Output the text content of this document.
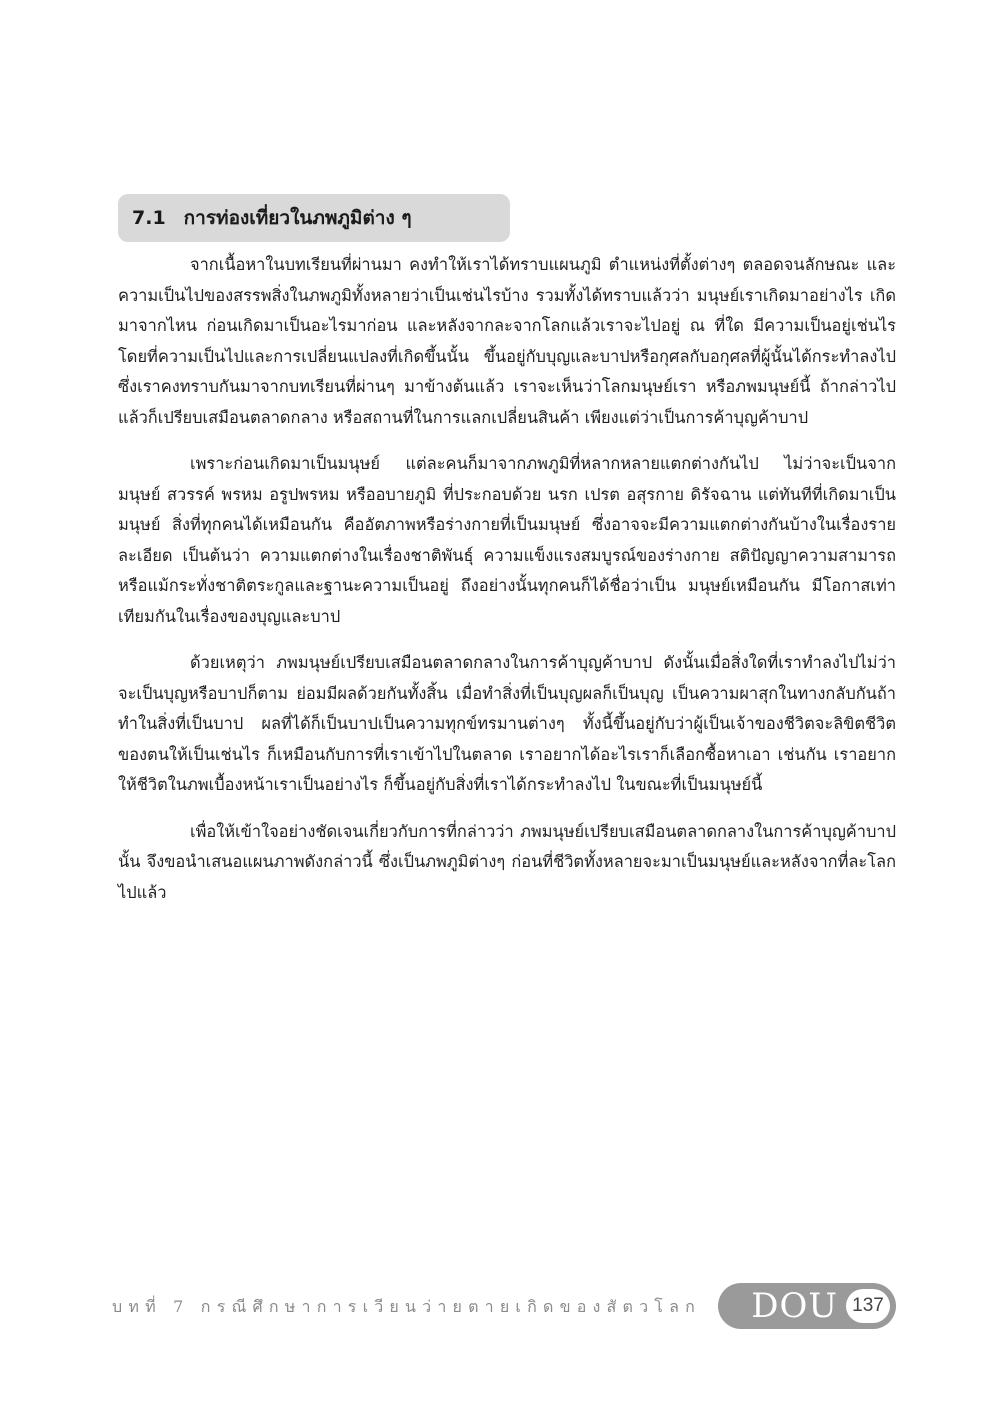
7.1 การท่องเที่ยวในภพภูมิต่าง ๆ

จากเนื้อหาในบทเรียนที่ผ่านมา คงทำให้เราได้ทราบแผนภูมิ ตำแหน่งที่ตั้งต่างๆ ตลอดจนลักษณะ และความเป็นไปของสรรพสิ่งในภพภูมิทั้งหลายว่าเป็นเช่นไรบ้าง รวมทั้งได้ทราบแล้วว่า มนุษย์เราเกิดมาอย่างไร เกิดมาจากไหน ก่อนเกิดมาเป็นอะไรมาก่อน และหลังจากละจากโลกแล้วเราจะไปอยู่ ณ ที่ใด มีความเป็นอยู่เช่นไร โดยที่ความเป็นไปและการเปลี่ยนแปลงที่เกิดขึ้นนั้น ขึ้นอยู่กับบุญและบาปหรือกุศลกับอกุศลที่ผู้นั้นได้กระทำลงไป ซึ่งเราคงทราบกันมาจากบทเรียนที่ผ่านๆ มาข้างต้นแล้ว เราจะเห็นว่าโลกมนุษย์เรา หรือภพมนุษย์นี้ ถ้ากล่าวไปแล้วก็เปรียบเสมือนตลาดกลาง หรือสถานที่ในการแลกเปลี่ยนสินค้า เพียงแต่ว่าเป็นการค้าบุญค้าบาป

เพราะก่อนเกิดมาเป็นมนุษย์ แต่ละคนก็มาจากภพภูมิที่หลากหลายแตกต่างกันไป ไม่ว่าจะเป็นจากมนุษย์ สวรรค์ พรหม อรูปพรหม หรืออบายภูมิ ที่ประกอบด้วย นรก เปรต อสุรกาย ดิรัจฉาน แต่ทันทีที่เกิดมาเป็นมนุษย์ สิ่งที่ทุกคนได้เหมือนกัน คืออัตภาพหรือร่างกายที่เป็นมนุษย์ ซึ่งอาจจะมีความแตกต่างกันบ้างในเรื่องรายละเอียด เป็นต้นว่า ความแตกต่างในเรื่องชาติพันธุ์ ความแข็งแรงสมบูรณ์ของร่างกาย สติปัญญาความสามารถ หรือแม้กระทั่งชาติตระกูลและฐานะความเป็นอยู่ ถึงอย่างนั้นทุกคนก็ได้ชื่อว่าเป็น มนุษย์เหมือนกัน มีโอกาสเท่าเทียมกันในเรื่องของบุญและบาป

ด้วยเหตุว่า ภพมนุษย์เปรียบเสมือนตลาดกลางในการค้าบุญค้าบาป ดังนั้นเมื่อสิ่งใดที่เราทำลงไปไม่ว่าจะเป็นบุญหรือบาปก็ตาม ย่อมมีผลด้วยกันทั้งสิ้น เมื่อทำสิ่งที่เป็นบุญผลก็เป็นบุญ เป็นความผาสุกในทางกลับกันถ้าทำในสิ่งที่เป็นบาป ผลที่ได้ก็เป็นบาปเป็นความทุกข์ทรมานต่างๆ ทั้งนี้ขึ้นอยู่กับว่าผู้เป็นเจ้าของชีวิตจะลิขิตชีวิตของตนให้เป็นเช่นไร ก็เหมือนกับการที่เราเข้าไปในตลาด เราอยากได้อะไรเราก็เลือกซื้อหาเอา เช่นกัน เราอยากให้ชีวิตในภพเบื้องหน้าเราเป็นอย่างไร ก็ขึ้นอยู่กับสิ่งที่เราได้กระทำลงไป ในขณะที่เป็นมนุษย์นี้

เพื่อให้เข้าใจอย่างชัดเจนเกี่ยวกับการที่กล่าวว่า ภพมนุษย์เปรียบเสมือนตลาดกลางในการค้าบุญค้าบาปนั้น จึงขอนำเสนอแผนภาพดังกล่าวนี้ ซึ่งเป็นภพภูมิต่างๆ ก่อนที่ชีวิตทั้งหลายจะมาเป็นมนุษย์และหลังจากที่ละโลกไปแล้ว

บทที่ 7 กรณีศึกษาการเวียนว่ายตายเกิดของสัตวโลก DOU 137
